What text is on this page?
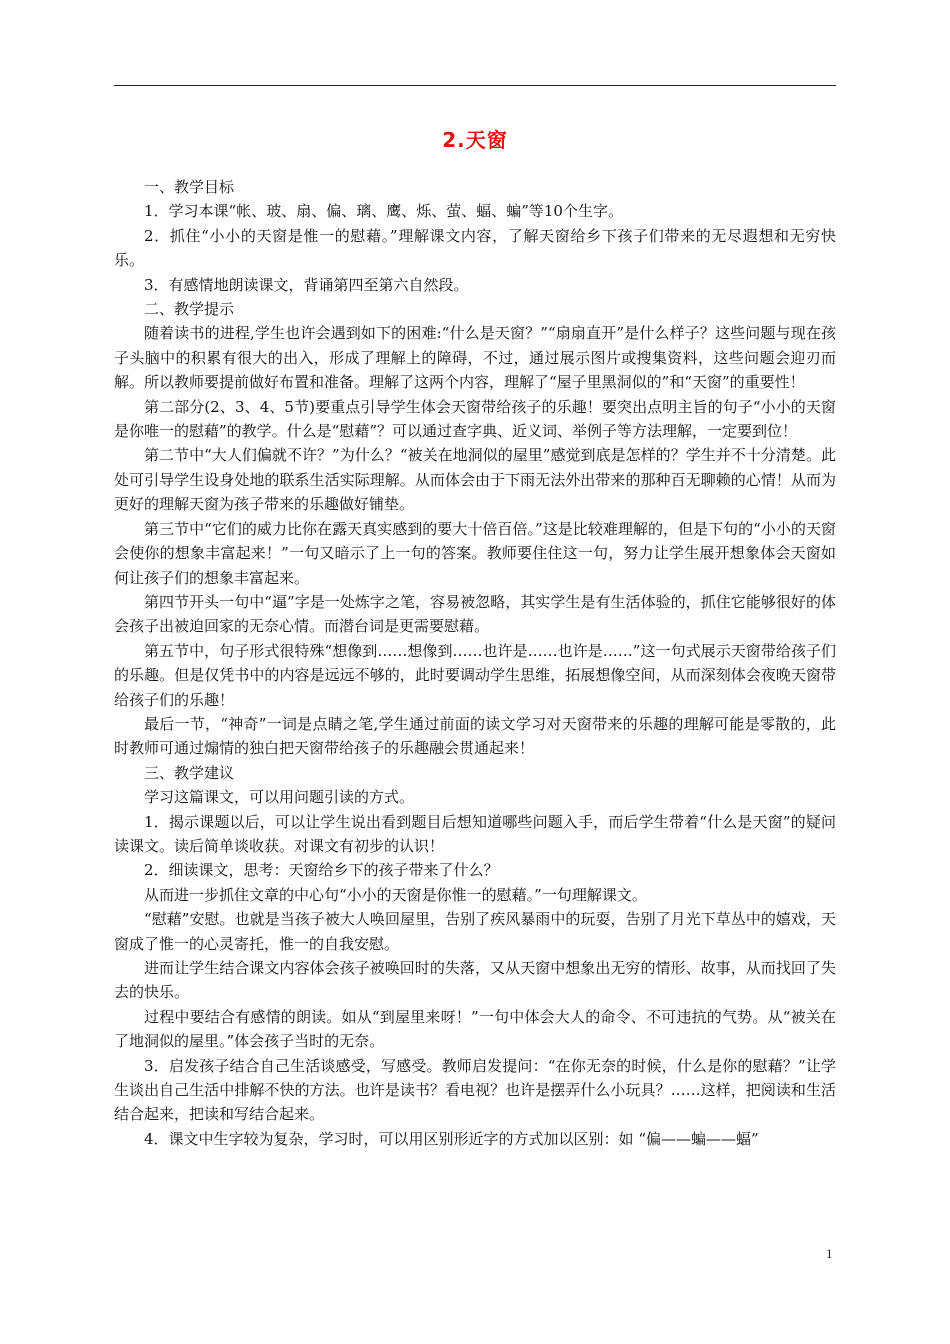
2.天窗

一、教学目标

1．学习本课“帐、玻、扇、偏、璃、鹰、烁、萤、蝠、蝙”等10个生字。

2．抓住“小小的天窗是惟一的慰藉。”理解课文内容，了解天窗给乡下孩子们带来的无尽遐想和无穷快乐。

3．有感情地朗读课文，背诵第四至第六自然段。

二、教学提示

随着读书的进程,学生也许会遇到如下的困难:“什么是天窗？”“扇扇直开”是什么样子？这些问题与现在孩子头脑中的积累有很大的出入，形成了理解上的障碍，不过，通过展示图片或搜集资料，这些问题会迎刃而解。所以教师要提前做好布置和准备。理解了这两个内容，理解了“屋子里黑洞似的”和“天窗”的重要性！

第二部分(2、3、4、5节)要重点引导学生体会天窗带给孩子的乐趣！要突出点明主旨的句子“小小的天窗是你唯一的慰藉”的教学。什么是“慰藉”？可以通过查字典、近义词、举例子等方法理解，一定要到位！

第二节中“大人们偏就不许？”为什么？“被关在地洞似的屋里”感觉到底是怎样的？学生并不十分清楚。此处可引导学生设身处地的联系生活实际理解。从而体会由于下雨无法外出带来的那种百无聊赖的心情！从而为更好的理解天窗为孩子带来的乐趣做好铺垫。

第三节中“它们的威力比你在露天真实感到的要大十倍百倍。”这是比较难理解的，但是下句的“小小的天窗会使你的想象丰富起来！”一句又暗示了上一句的答案。教师要住住这一句，努力让学生展开想象体会天窗如何让孩子们的想象丰富起来。

第四节开头一句中“逼”字是一处炼字之笔，容易被忽略，其实学生是有生活体验的，抓住它能够很好的体会孩子出被迫回家的无奈心情。而潜台词是更需要慰藉。

第五节中，句子形式很特殊“想像到……想像到……也许是……也许是……”这一句式展示天窗带给孩子们的乐趣。但是仅凭书中的内容是远远不够的，此时要调动学生思维，拓展想像空间，从而深刻体会夜晚天窗带给孩子们的乐趣！

最后一节，“神奇”一词是点睛之笔,学生通过前面的读文学习对天窗带来的乐趣的理解可能是零散的，此时教师可通过煽情的独白把天窗带给孩子的乐趣融会贯通起来！

三、教学建议

学习这篇课文，可以用问题引读的方式。

1．揭示课题以后，可以让学生说出看到题目后想知道哪些问题入手，而后学生带着“什么是天窗”的疑问读课文。读后简单谈收获。对课文有初步的认识！

2．细读课文，思考：天窗给乡下的孩子带来了什么？

从而进一步抓住文章的中心句“小小的天窗是你惟一的慰藉。”一句理解课文。

“慰藉”安慰。也就是当孩子被大人唤回屋里，告别了疾风暴雨中的玩耍，告别了月光下草丛中的嬉戏，天窗成了惟一的心灵寄托，惟一的自我安慰。

进而让学生结合课文内容体会孩子被唤回时的失落，又从天窗中想象出无穷的情形、故事，从而找回了失去的快乐。

过程中要结合有感情的朗读。如从“到屋里来呀！”一句中体会大人的命令、不可违抗的气势。从“被关在了地洞似的屋里。”体会孩子当时的无奈。

3．启发孩子结合自己生活谈感受，写感受。教师启发提问：“在你无奈的时候，什么是你的慰藉？”让学生谈出自己生活中排解不快的方法。也许是读书？看电视？也许是摆弄什么小玩具？……这样，把阅读和生活结合起来，把读和写结合起来。

4．课文中生字较为复杂，学习时，可以用区别形近字的方式加以区别：如 “偏——蝙——蝠”

1
